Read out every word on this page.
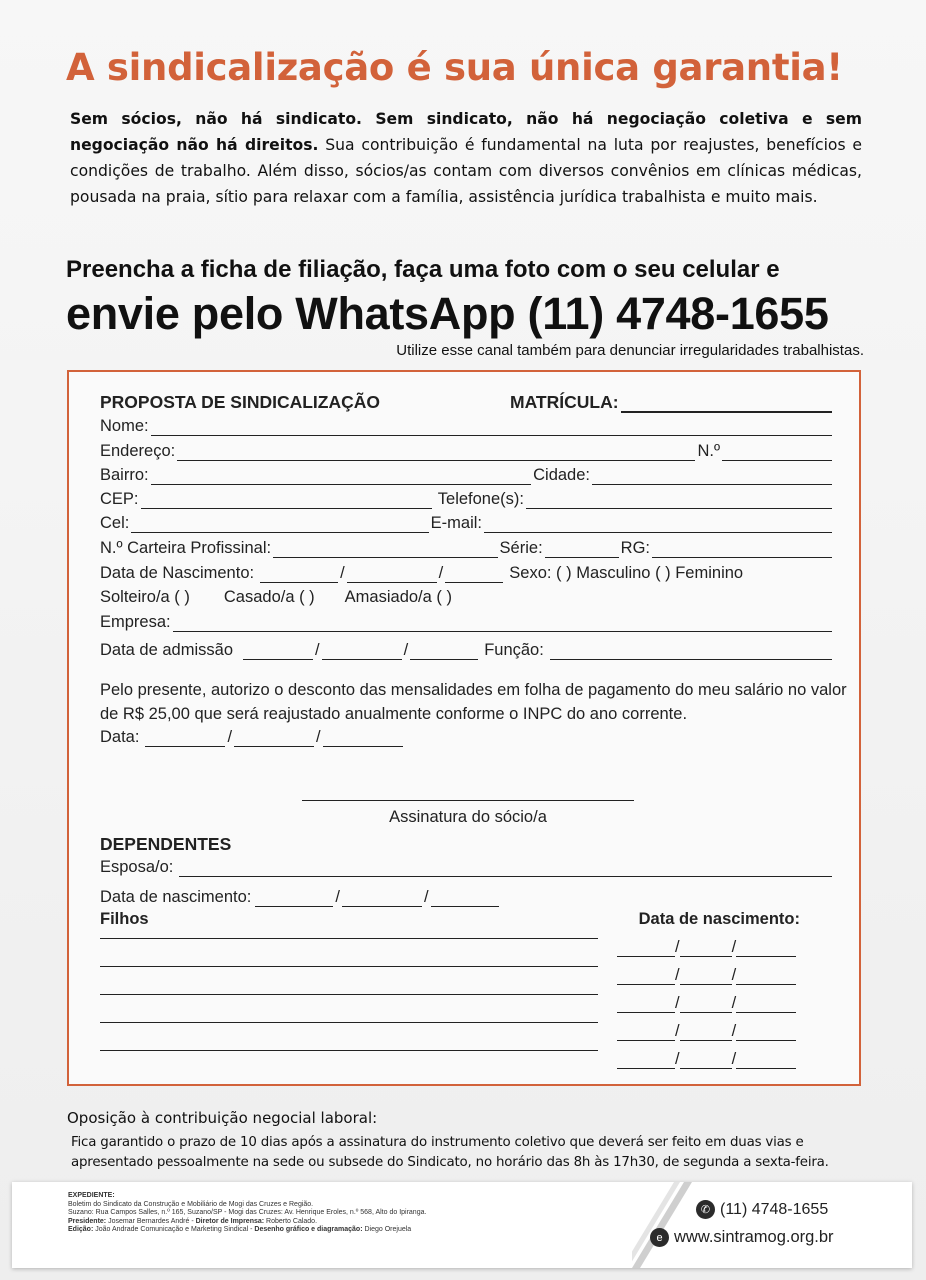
A sindicalização é sua única garantia!
Sem sócios, não há sindicato. Sem sindicato, não há negociação coletiva e sem negociação não há direitos. Sua contribuição é fundamental na luta por reajustes, benefícios e condições de trabalho. Além disso, sócios/as contam com diversos convênios em clínicas médicas, pousada na praia, sítio para relaxar com a família, assistência jurídica trabalhista e muito mais.
Preencha a ficha de filiação, faça uma foto com o seu celular e
envie pelo WhatsApp (11) 4748-1655
Utilize esse canal também para denunciar irregularidades trabalhistas.
PROPOSTA DE SINDICALIZAÇÃO	MATRÍCULA:
Nome:
Endereço:	N.º
Bairro:	Cidade:
CEP:	Telefone(s):
Cel:	E-mail:
N.º Carteira Profissinal:	Série:	RG:
Data de Nascimento:	/	/	Sexo: ( ) Masculino ( ) Feminino
Solteiro/a ( ) Casado/a ( ) Amasiado/a ( )
Empresa:
Data de admissão	/	/	Função:
Pelo presente, autorizo o desconto das mensalidades em folha de pagamento do meu salário no valor de R$ 25,00 que será reajustado anualmente conforme o INPC do ano corrente.
Data:	/	/
Assinatura do sócio/a
DEPENDENTES
Esposa/o:
Data de nascimento:	/	/
Filhos	Data de nascimento:
/	/
/	/
/	/
/	/
/	/
Oposição à contribuição negocial laboral:
Fica garantido o prazo de 10 dias após a assinatura do instrumento coletivo que deverá ser feito em duas vias e apresentado pessoalmente na sede ou subsede do Sindicato, no horário das 8h às 17h30, de segunda a sexta-feira.
EXPEDIENTE:
Boletim do Sindicato da Construção e Mobiliário de Mogi das Cruzes e Região.
Suzano: Rua Campos Salles, n.º 165, Suzano/SP - Mogi das Cruzes: Av. Henrique Eroles, n.º 568, Alto do Ipiranga.
Presidente: Josemar Bernardes André - Diretor de Imprensa: Roberto Calado.
Edição: João Andrade Comunicação e Marketing Sindical - Desenho gráfico e diagramação: Diego Orejuela
✆ (11) 4748-1655
e www.sintramog.org.br
